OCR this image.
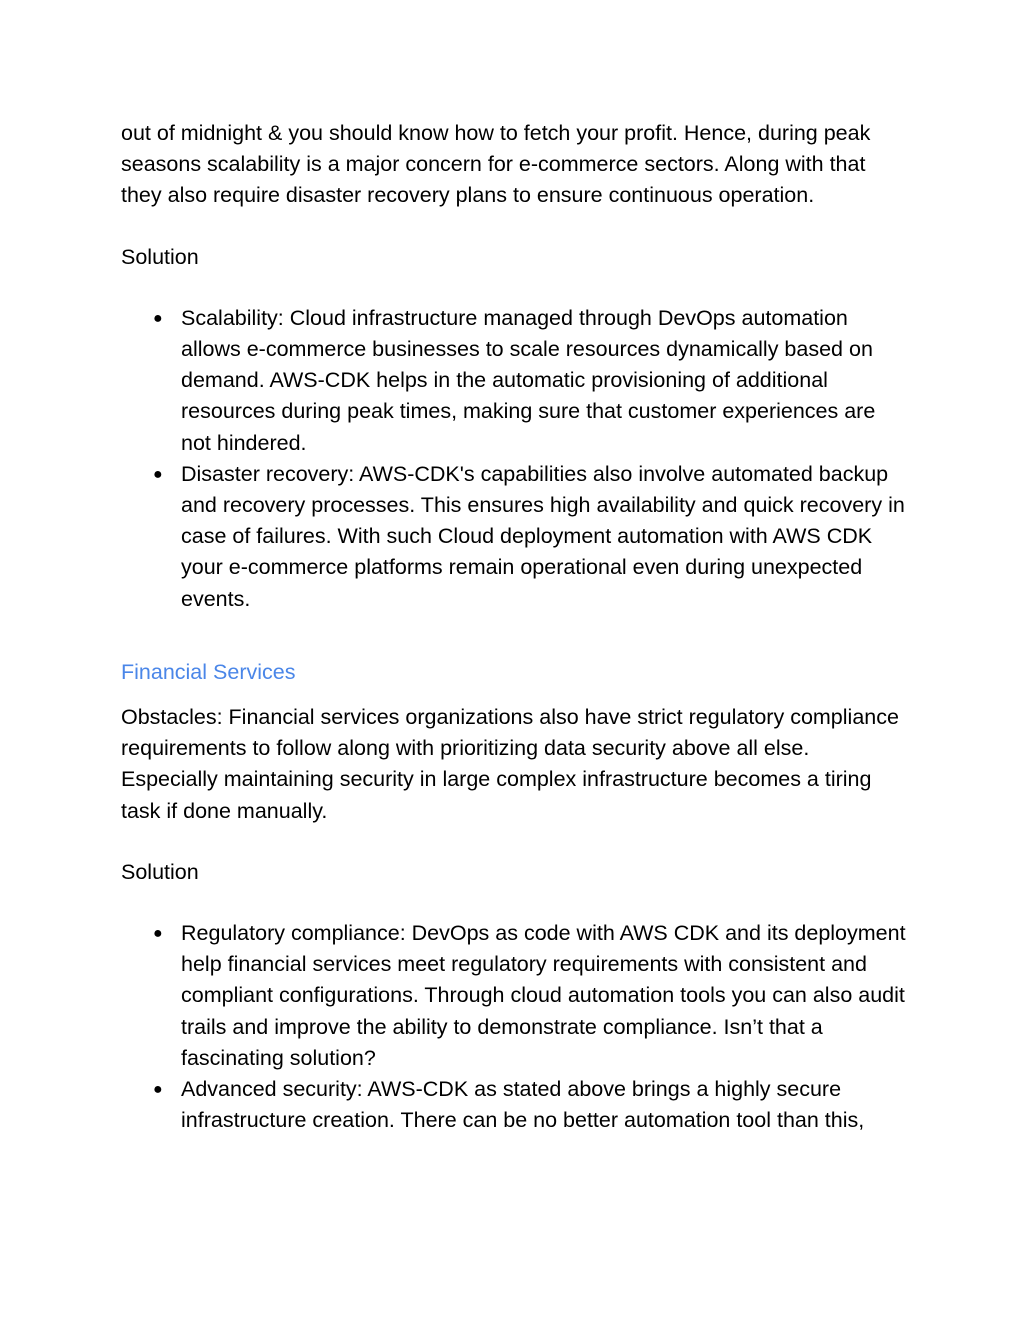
out of midnight & you should know how to fetch your profit. Hence, during peak seasons scalability is a major concern for e-commerce sectors. Along with that they also require disaster recovery plans to ensure continuous operation.

Solution

● Scalability: Cloud infrastructure managed through DevOps automation allows e-commerce businesses to scale resources dynamically based on demand. AWS-CDK helps in the automatic provisioning of additional resources during peak times, making sure that customer experiences are not hindered.
● Disaster recovery: AWS-CDK's capabilities also involve automated backup and recovery processes. This ensures high availability and quick recovery in case of failures. With such Cloud deployment automation with AWS CDK your e-commerce platforms remain operational even during unexpected events.

Financial Services

Obstacles: Financial services organizations also have strict regulatory compliance requirements to follow along with prioritizing data security above all else. Especially maintaining security in large complex infrastructure becomes a tiring task if done manually.

Solution

● Regulatory compliance: DevOps as code with AWS CDK and its deployment help financial services meet regulatory requirements with consistent and compliant configurations. Through cloud automation tools you can also audit trails and improve the ability to demonstrate compliance. Isn’t that a fascinating solution?
● Advanced security: AWS-CDK as stated above brings a highly secure infrastructure creation. There can be no better automation tool than this,
